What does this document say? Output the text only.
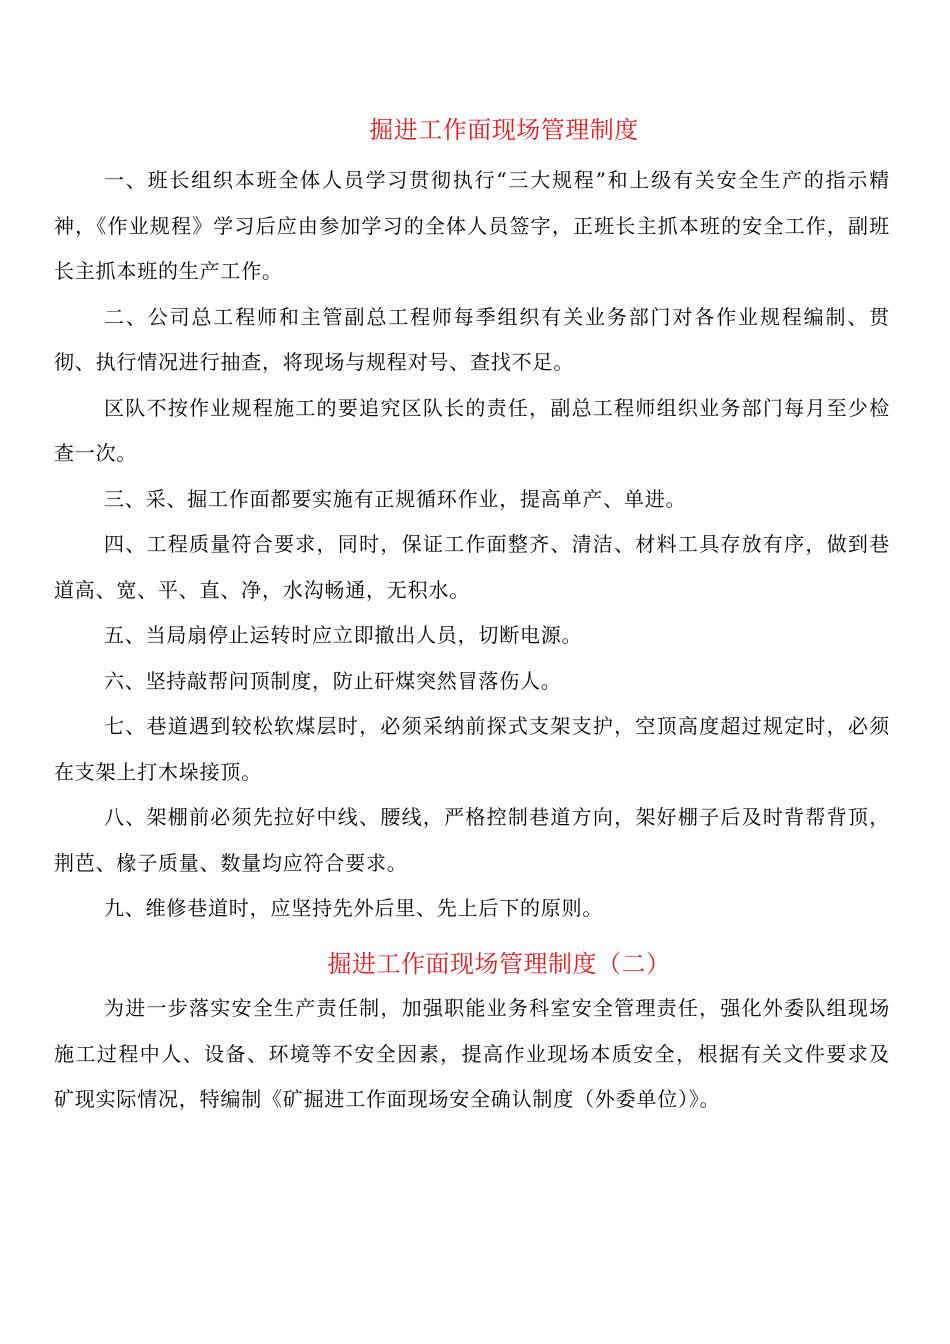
掘进工作面现场管理制度

一、班长组织本班全体人员学习贯彻执行“三大规程”和上级有关安全生产的指示精神，《作业规程》学习后应由参加学习的全体人员签字，正班长主抓本班的安全工作，副班长主抓本班的生产工作。

二、公司总工程师和主管副总工程师每季组织有关业务部门对各作业规程编制、贯彻、执行情况进行抽查，将现场与规程对号、查找不足。

区队不按作业规程施工的要追究区队长的责任，副总工程师组织业务部门每月至少检查一次。

三、采、掘工作面都要实施有正规循环作业，提高单产、单进。

四、工程质量符合要求，同时，保证工作面整齐、清洁、材料工具存放有序，做到巷道高、宽、平、直、净，水沟畅通，无积水。

五、当局扇停止运转时应立即撤出人员，切断电源。

六、坚持敲帮问顶制度，防止矸煤突然冒落伤人。

七、巷道遇到较松软煤层时，必须采纳前探式支架支护，空顶高度超过规定时，必须在支架上打木垛接顶。

八、架棚前必须先拉好中线、腰线，严格控制巷道方向，架好棚子后及时背帮背顶，荆芭、椽子质量、数量均应符合要求。

九、维修巷道时，应坚持先外后里、先上后下的原则。

掘进工作面现场管理制度（二）

为进一步落实安全生产责任制，加强职能业务科室安全管理责任，强化外委队组现场施工过程中人、设备、环境等不安全因素，提高作业现场本质安全，根据有关文件要求及 矿现实际情况，特编制《矿掘进工作面现场安全确认制度（外委单位）》。
